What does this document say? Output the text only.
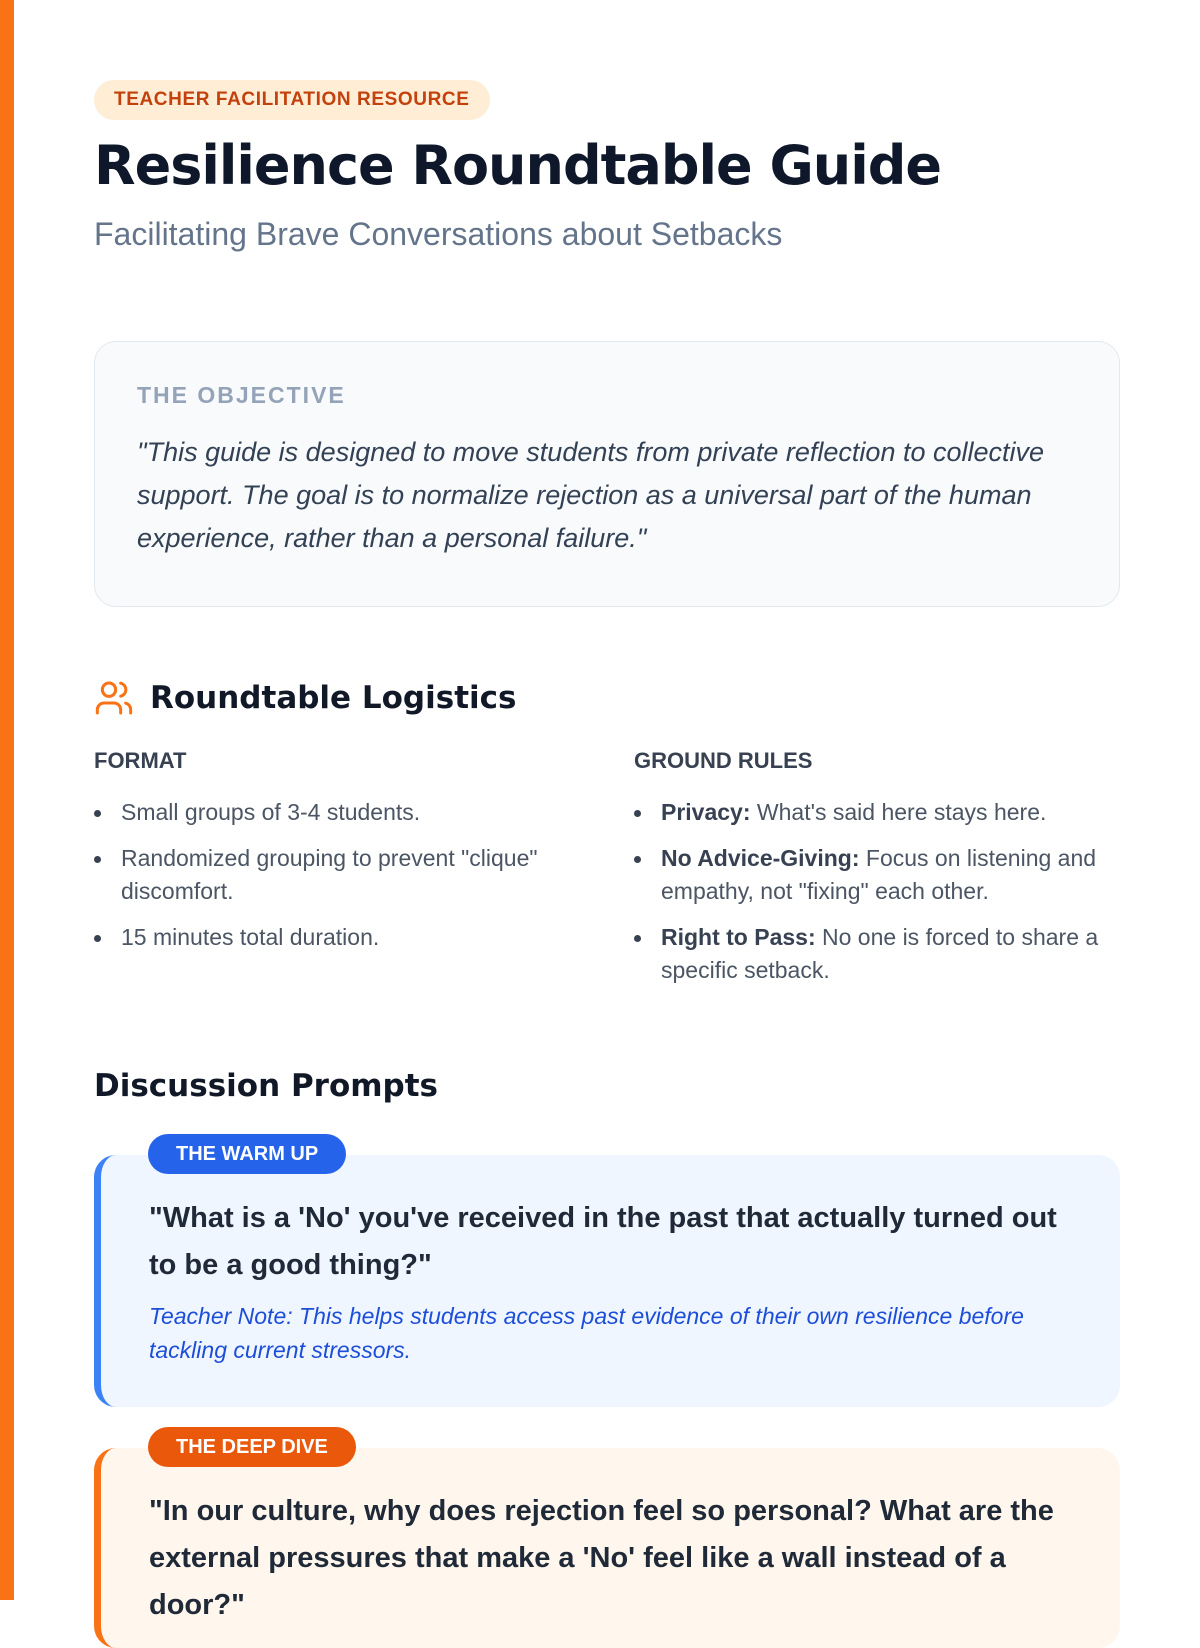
TEACHER FACILITATION RESOURCE
Resilience Roundtable Guide
Facilitating Brave Conversations about Setbacks
THE OBJECTIVE

"This guide is designed to move students from private reflection to collective support. The goal is to normalize rejection as a universal part of the human experience, rather than a personal failure."

Roundtable Logistics
FORMAT
Small groups of 3-4 students.
Randomized grouping to prevent "clique" discomfort.
15 minutes total duration.
GROUND RULES
Privacy: What's said here stays here.
No Advice-Giving: Focus on listening and empathy, not "fixing" each other.
Right to Pass: No one is forced to share a specific setback.
Discussion Prompts
THE WARM UP

"What is a 'No' you've received in the past that actually turned out to be a good thing?"

Teacher Note: This helps students access past evidence of their own resilience before tackling current stressors.

THE DEEP DIVE

"In our culture, why does rejection feel so personal? What are the external pressures that make a 'No' feel like a wall instead of a door?"
